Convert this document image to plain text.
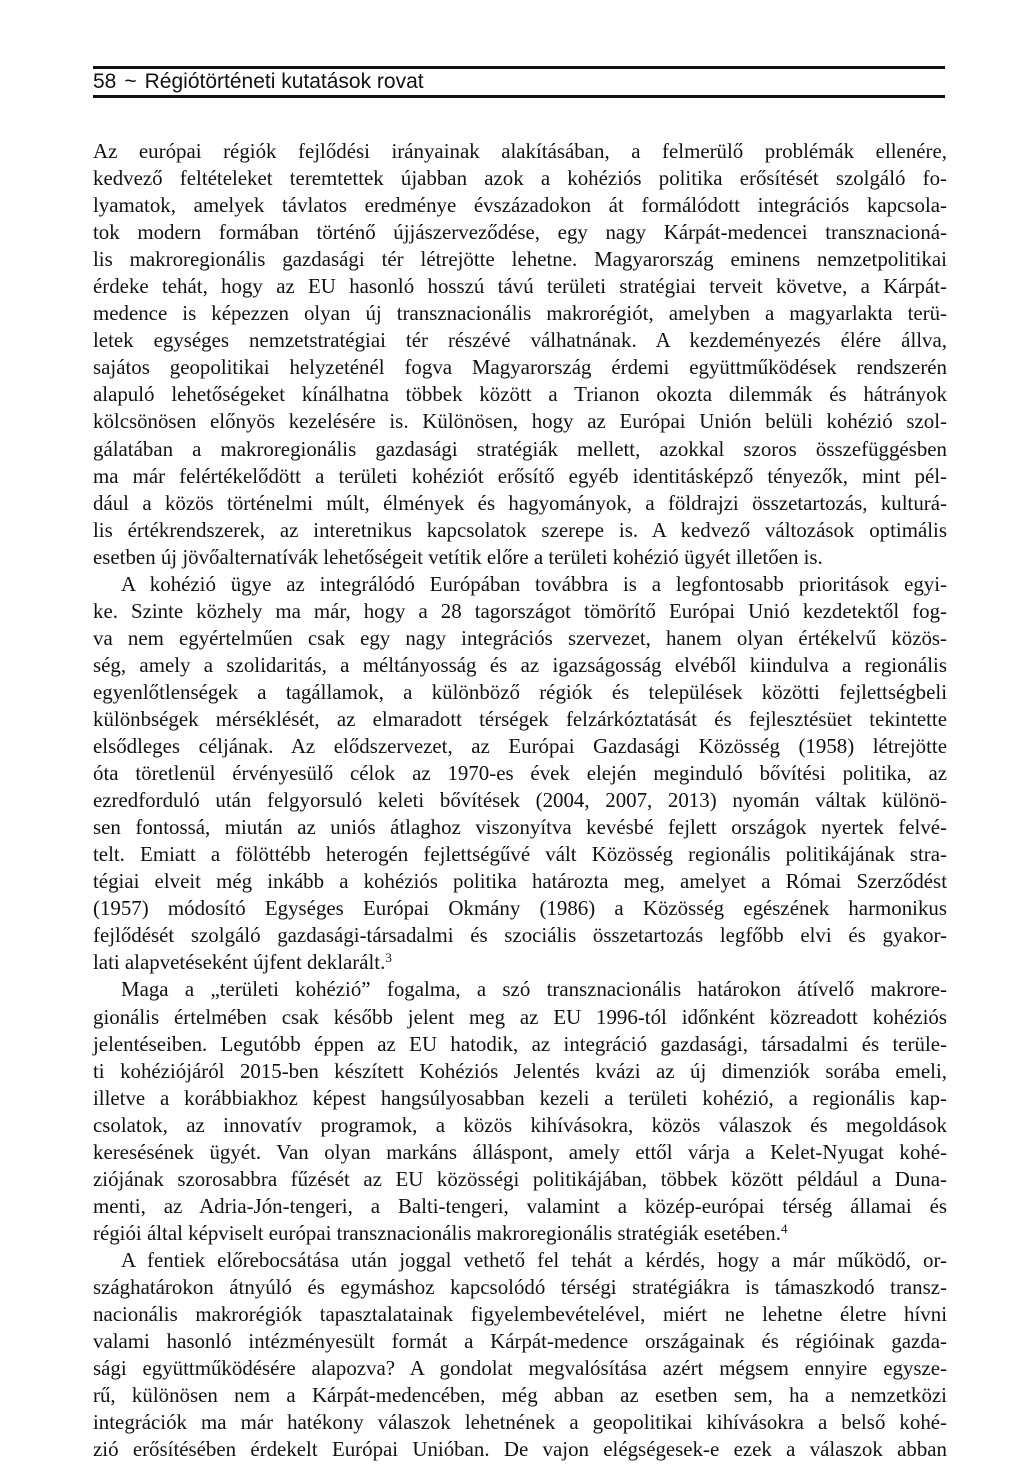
58 ~ Régiótörténeti kutatások rovat
Az európai régiók fejlődési irányainak alakításában, a felmerülő problémák ellenére,
kedvező feltételeket teremtettek újabban azok a kohéziós politika erősítését szolgáló fo-
lyamatok, amelyek távlatos eredménye évszázadokon át formálódott integrációs kapcsola-
tok modern formában történő újjászerveződése, egy nagy Kárpát-medencei transznacioná-
lis makroregionális gazdasági tér létrejötte lehetne. Magyarország eminens nemzetpolitikai
érdeke tehát, hogy az EU hasonló hosszú távú területi stratégiai terveit követve, a Kárpát-
medence is képezzen olyan új transznacionális makrorégiót, amelyben a magyarlakta terü-
letek egységes nemzetstratégiai tér részévé válhatnának. A kezdeményezés élére állva,
sajátos geopolitikai helyzeténél fogva Magyarország érdemi együttműködések rendszerén
alapuló lehetőségeket kínálhatna többek között a Trianon okozta dilemmák és hátrányok
kölcsönösen előnyös kezelésére is. Különösen, hogy az Európai Unión belüli kohézió szol-
gálatában a makroregionális gazdasági stratégiák mellett, azokkal szoros összefüggésben
ma már felértékelődött a területi kohéziót erősítő egyéb identitásképző tényezők, mint pél-
dául a közös történelmi múlt, élmények és hagyományok, a földrajzi összetartozás, kulturá-
lis értékrendszerek, az interetnikus kapcsolatok szerepe is. A kedvező változások optimális
esetben új jövőalternatívák lehetőségeit vetítik előre a területi kohézió ügyét illetően is.
A kohézió ügye az integrálódó Európában továbbra is a legfontosabb prioritások egyi-
ke. Szinte közhely ma már, hogy a 28 tagországot tömörítő Európai Unió kezdetektől fog-
va nem egyértelműen csak egy nagy integrációs szervezet, hanem olyan értékelvű közös-
ség, amely a szolidaritás, a méltányosság és az igazságosság elvéből kiindulva a regionális
egyenlőtlenségek a tagállamok, a különböző régiók és települések közötti fejlettségbeli
különbségek mérséklését, az elmaradott térségek felzárkóztatását és fejlesztésüet tekintette
elsődleges céljának. Az elődszervezet, az Európai Gazdasági Közösség (1958) létrejötte
óta töretlenül érvényesülő célok az 1970-es évek elején meginduló bővítési politika, az
ezredforduló után felgyorsuló keleti bővítések (2004, 2007, 2013) nyomán váltak különö-
sen fontossá, miután az uniós átlaghoz viszonyítva kevésbé fejlett országok nyertek felvé-
telt. Emiatt a fölöttébb heterogén fejlettségűvé vált Közösség regionális politikájának stra-
tégiai elveit még inkább a kohéziós politika határozta meg, amelyet a Római Szerződést
(1957) módosító Egységes Európai Okmány (1986) a Közösség egészének harmonikus
fejlődését szolgáló gazdasági-társadalmi és szociális összetartozás legfőbb elvi és gyakor-
lati alapvetéseként újfent deklarált.$^3$
Maga a „területi kohézió” fogalma, a szó transznacionális határokon átívelő makrore-
gionális értelmében csak később jelent meg az EU 1996-tól időnként közreadott kohéziós
jelentéseiben. Legutóbb éppen az EU hatodik, az integráció gazdasági, társadalmi és terüle-
ti kohéziójáról 2015-ben készített Kohéziós Jelentés kvázi az új dimenziók sorába emeli,
illetve a korábbiakhoz képest hangsúlyosabban kezeli a területi kohézió, a regionális kap-
csolatok, az innovatív programok, a közös kihívásokra, közös válaszok és megoldások
keresésének ügyét. Van olyan markáns álláspont, amely ettől várja a Kelet-Nyugat kohé-
ziójának szorosabbra fűzését az EU közösségi politikájában, többek között például a Duna-
menti, az Adria-Jón-tengeri, a Balti-tengeri, valamint a közép-európai térség államai és
régiói által képviselt európai transznacionális makroregionális stratégiák esetében.$^4$
A fentiek előrebocsátása után joggal vethető fel tehát a kérdés, hogy a már működő, or-
szághatárokon átnyúló és egymáshoz kapcsolódó térségi stratégiákra is támaszkodó transz-
nacionális makrorégiók tapasztalatainak figyelembevételével, miért ne lehetne életre hívni
valami hasonló intézményesült formát a Kárpát-medence országainak és régióinak gazda-
sági együttműködésére alapozva? A gondolat megvalósítása azért mégsem ennyire egysze-
rű, különösen nem a Kárpát-medencében, még abban az esetben sem, ha a nemzetközi
integrációk ma már hatékony válaszok lehetnének a geopolitikai kihívásokra a belső kohé-
zió erősítésében érdekelt Európai Unióban. De vajon elégségesek-e ezek a válaszok abban
